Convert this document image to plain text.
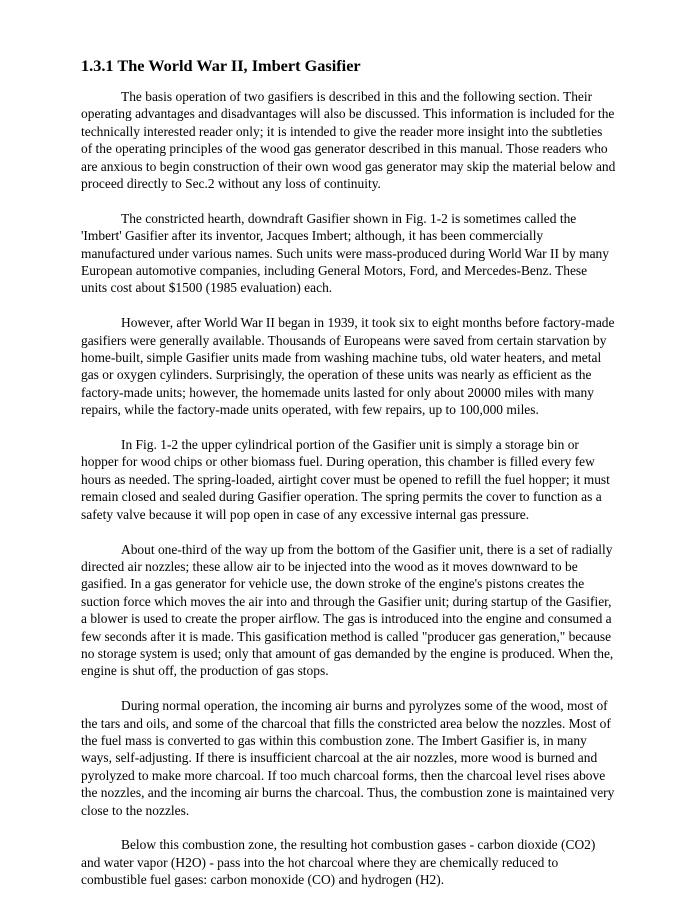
1.3.1 The World War II, Imbert Gasifier

The basis operation of two gasifiers is described in this and the following section. Their operating advantages and disadvantages will also be discussed. This information is included for the technically interested reader only; it is intended to give the reader more insight into the subtleties of the operating principles of the wood gas generator described in this manual. Those readers who are anxious to begin construction of their own wood gas generator may skip the material below and proceed directly to Sec.2 without any loss of continuity.

The constricted hearth, downdraft Gasifier shown in Fig. 1-2 is sometimes called the 'Imbert' Gasifier after its inventor, Jacques Imbert; although, it has been commercially manufactured under various names. Such units were mass-produced during World War II by many European automotive companies, including General Motors, Ford, and Mercedes-Benz. These units cost about $1500 (1985 evaluation) each.

However, after World War II began in 1939, it took six to eight months before factory-made gasifiers were generally available. Thousands of Europeans were saved from certain starvation by home-built, simple Gasifier units made from washing machine tubs, old water heaters, and metal gas or oxygen cylinders. Surprisingly, the operation of these units was nearly as efficient as the factory-made units; however, the homemade units lasted for only about 20000 miles with many repairs, while the factory-made units operated, with few repairs, up to 100,000 miles.

In Fig. 1-2 the upper cylindrical portion of the Gasifier unit is simply a storage bin or hopper for wood chips or other biomass fuel. During operation, this chamber is filled every few hours as needed. The spring-loaded, airtight cover must be opened to refill the fuel hopper; it must remain closed and sealed during Gasifier operation. The spring permits the cover to function as a safety valve because it will pop open in case of any excessive internal gas pressure.

About one-third of the way up from the bottom of the Gasifier unit, there is a set of radially directed air nozzles; these allow air to be injected into the wood as it moves downward to be gasified. In a gas generator for vehicle use, the down stroke of the engine's pistons creates the suction force which moves the air into and through the Gasifier unit; during startup of the Gasifier, a blower is used to create the proper airflow. The gas is introduced into the engine and consumed a few seconds after it is made. This gasification method is called "producer gas generation," because no storage system is used; only that amount of gas demanded by the engine is produced. When the, engine is shut off, the production of gas stops.

During normal operation, the incoming air burns and pyrolyzes some of the wood, most of the tars and oils, and some of the charcoal that fills the constricted area below the nozzles. Most of the fuel mass is converted to gas within this combustion zone. The Imbert Gasifier is, in many ways, self-adjusting. If there is insufficient charcoal at the air nozzles, more wood is burned and pyrolyzed to make more charcoal. If too much charcoal forms, then the charcoal level rises above the nozzles, and the incoming air burns the charcoal. Thus, the combustion zone is maintained very close to the nozzles.

Below this combustion zone, the resulting hot combustion gases - carbon dioxide (CO2) and water vapor (H2O) - pass into the hot charcoal where they are chemically reduced to combustible fuel gases: carbon monoxide (CO) and hydrogen (H2).
